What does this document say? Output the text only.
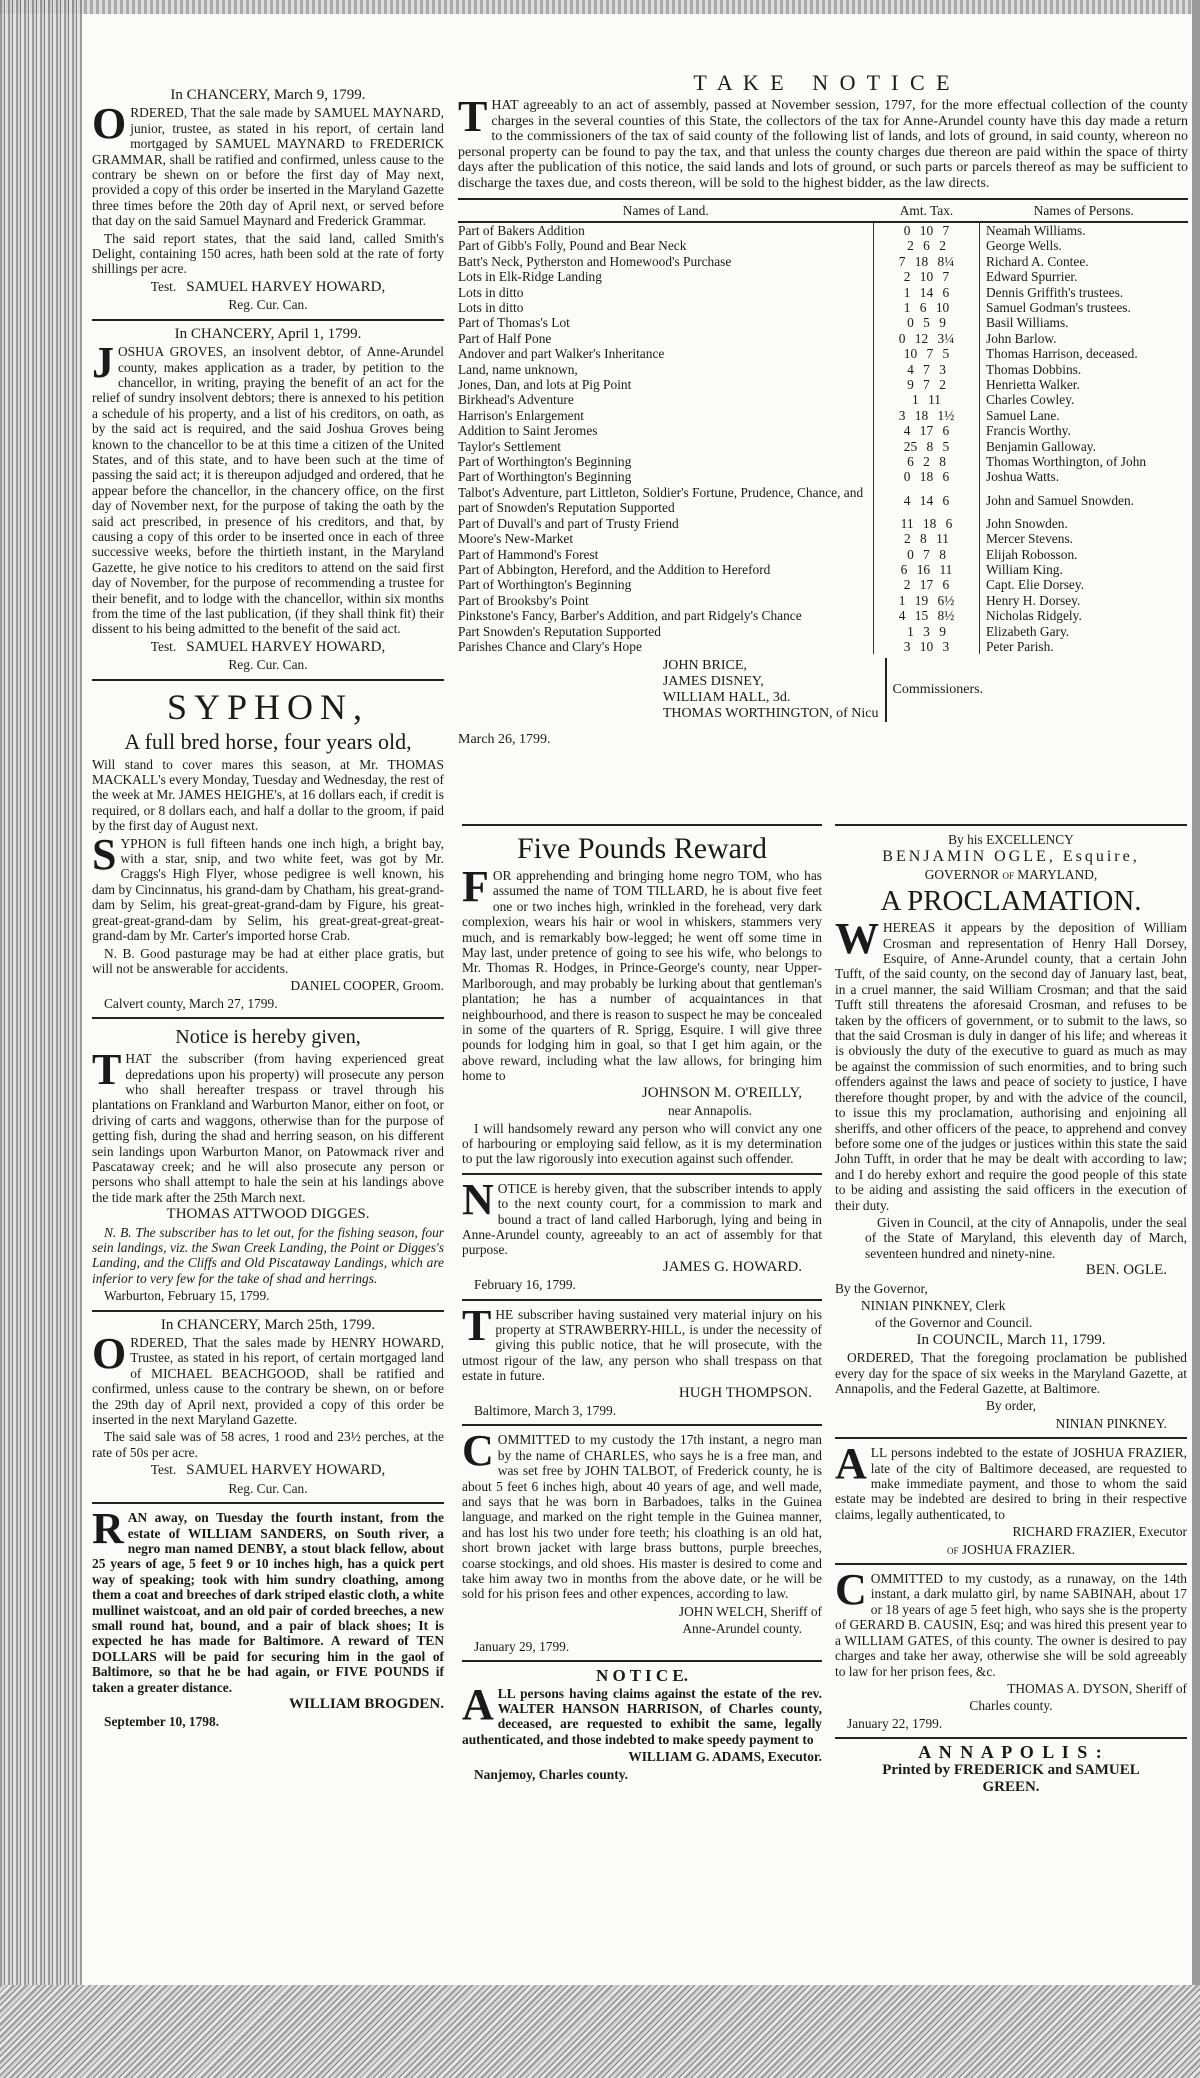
In CHANCERY, March 9, 1799.

ORDERED, That the sale made by SAMUEL MAYNARD, junior, trustee, as stated in his report, of certain land mortgaged by SAMUEL MAYNARD to FREDERICK GRAMMAR, shall be ratified and confirmed, unless cause to the contrary be shewn on or before the first day of May next, provided a copy of this order be inserted in the Maryland Gazette three times before the 20th day of April next, or served before that day on the said Samuel Maynard and Frederick Grammar.

The said report states, that the said land, called Smith's Delight, containing 150 acres, hath been sold at the rate of forty shillings per acre.

Test. SAMUEL HARVEY HOWARD,

Reg. Cur. Can.

In CHANCERY, April 1, 1799.

JOSHUA GROVES, an insolvent debtor, of Anne-Arundel county, makes application as a trader, by petition to the chancellor, in writing, praying the benefit of an act for the relief of sundry insolvent debtors; there is annexed to his petition a schedule of his property, and a list of his creditors, on oath, as by the said act is required, and the said Joshua Groves being known to the chancellor to be at this time a citizen of the United States, and of this state, and to have been such at the time of passing the said act; it is thereupon adjudged and ordered, that he appear before the chancellor, in the chancery office, on the first day of November next, for the purpose of taking the oath by the said act prescribed, in presence of his creditors, and that, by causing a copy of this order to be inserted once in each of three successive weeks, before the thirtieth instant, in the Maryland Gazette, he give notice to his creditors to attend on the said first day of November, for the purpose of recommending a trustee for their benefit, and to lodge with the chancellor, within six months from the time of the last publication, (if they shall think fit) their dissent to his being admitted to the benefit of the said act.

Test. SAMUEL HARVEY HOWARD,

Reg. Cur. Can.

SYPHON,

A full bred horse, four years old,

Will stand to cover mares this season, at Mr. THOMAS MACKALL's every Monday, Tuesday and Wednesday, the rest of the week at Mr. JAMES HEIGHE's, at 16 dollars each, if credit is required, or 8 dollars each, and half a dollar to the groom, if paid by the first day of August next.

SYPHON is full fifteen hands one inch high, a bright bay, with a star, snip, and two white feet, was got by Mr. Craggs's High Flyer, whose pedigree is well known, his dam by Cincinnatus, his grand-dam by Chatham, his great-grand-dam by Selim, his great-great-grand-dam by Figure, his great-great-great-grand-dam by Selim, his great-great-great-great-grand-dam by Mr. Carter's imported horse Crab.

N. B. Good pasturage may be had at either place gratis, but will not be answerable for accidents.

DANIEL COOPER, Groom.

Calvert county, March 27, 1799.

Notice is hereby given,

THAT the subscriber (from having experienced great depredations upon his property) will prosecute any person who shall hereafter trespass or travel through his plantations on Frankland and Warburton Manor, either on foot, or driving of carts and waggons, otherwise than for the purpose of getting fish, during the shad and herring season, on his different sein landings upon Warburton Manor, on Patowmack river and Pascataway creek; and he will also prosecute any person or persons who shall attempt to hale the sein at his landings above the tide mark after the 25th March next.

THOMAS ATTWOOD DIGGES.

N. B. The subscriber has to let out, for the fishing season, four sein landings, viz. the Swan Creek Landing, the Point or Digges's Landing, and the Cliffs and Old Piscataway Landings, which are inferior to very few for the take of shad and herrings.

Warburton, February 15, 1799.

In CHANCERY, March 25th, 1799.

ORDERED, That the sales made by HENRY HOWARD, Trustee, as stated in his report, of certain mortgaged land of MICHAEL BEACHGOOD, shall be ratified and confirmed, unless cause to the contrary be shewn, on or before the 29th day of April next, provided a copy of this order be inserted in the next Maryland Gazette.

The said sale was of 58 acres, 1 rood and 23½ perches, at the rate of 50s per acre.

Test. SAMUEL HARVEY HOWARD,

Reg. Cur. Can.

RAN away, on Tuesday the fourth instant, from the estate of WILLIAM SANDERS, on South river, a negro man named DENBY, a stout black fellow, about 25 years of age, 5 feet 9 or 10 inches high, has a quick pert way of speaking; took with him sundry cloathing, among them a coat and breeches of dark striped elastic cloth, a white mullinet waistcoat, and an old pair of corded breeches, a new small round hat, bound, and a pair of black shoes; It is expected he has made for Baltimore. A reward of TEN DOLLARS will be paid for securing him in the gaol of Baltimore, so that he be had again, or FIVE POUNDS if taken a greater distance.

WILLIAM BROGDEN.

September 10, 1798.

T A K E   N O T I C E

THAT agreeably to an act of assembly, passed at November session, 1797, for the more effectual collection of the county charges in the several counties of this State, the collectors of the tax for Anne-Arundel county have this day made a return to the commissioners of the tax of said county of the following list of lands, and lots of ground, in said county, whereon no personal property can be found to pay the tax, and that unless the county charges due thereon are paid within the space of thirty days after the publication of this notice, the said lands and lots of ground, or such parts or parcels thereof as may be sufficient to discharge the taxes due, and costs thereon, will be sold to the highest bidder, as the law directs.

Names of Land.	Amt. Tax.	Names of Persons.
Part of Bakers Addition	0 10 7	Neamah Williams.
Part of Gibb's Folly, Pound and Bear Neck	2 6 2	George Wells.
Batt's Neck, Pytherston and Homewood's Purchase	7 18 8¼	Richard A. Contee.
Lots in Elk-Ridge Landing	2 10 7	Edward Spurrier.
Lots in ditto	1 14 6	Dennis Griffith's trustees.
Lots in ditto	1 6 10	Samuel Godman's trustees.
Part of Thomas's Lot	0 5 9	Basil Williams.
Part of Half Pone	0 12 3¼	John Barlow.
Andover and part Walker's Inheritance	10 7 5	Thomas Harrison, deceased.
Land, name unknown,	4 7 3	Thomas Dobbins.
Jones, Dan, and lots at Pig Point	9 7 2	Henrietta Walker.
Birkhead's Adventure	1 11	Charles Cowley.
Harrison's Enlargement	3 18 1½	Samuel Lane.
Addition to Saint Jeromes	4 17 6	Francis Worthy.
Taylor's Settlement	25 8 5	Benjamin Galloway.
Part of Worthington's Beginning	6 2 8	Thomas Worthington, of John
Part of Worthington's Beginning	0 18 6	Joshua Watts.
Talbot's Adventure, part Littleton, Soldier's Fortune, Prudence, Chance, and part of Snowden's Reputation Supported	4 14 6	John and Samuel Snowden.
Part of Duvall's and part of Trusty Friend	11 18 6	John Snowden.
Moore's New-Market	2 8 11	Mercer Stevens.
Part of Hammond's Forest	0 7 8	Elijah Robosson.
Part of Abbington, Hereford, and the Addition to Hereford	6 16 11	William King.
Part of Worthington's Beginning	2 17 6	Capt. Elie Dorsey.
Part of Brooksby's Point	1 19 6½	Henry H. Dorsey.
Pinkstone's Fancy, Barber's Addition, and part Ridgely's Chance	4 15 8½	Nicholas Ridgely.
Part Snowden's Reputation Supported	1 3 9	Elizabeth Gary.
Parishes Chance and Clary's Hope	3 10 3	Peter Parish.
JOHN BRICE,
JAMES DISNEY,
WILLIAM HALL, 3d.
THOMAS WORTHINGTON, of Nicu
Commissioners.

March 26, 1799.

Five Pounds Reward

FOR apprehending and bringing home negro TOM, who has assumed the name of TOM TILLARD, he is about five feet one or two inches high, wrinkled in the forehead, very dark complexion, wears his hair or wool in whiskers, stammers very much, and is remarkably bow-legged; he went off some time in May last, under pretence of going to see his wife, who belongs to Mr. Thomas R. Hodges, in Prince-George's county, near Upper-Marlborough, and may probably be lurking about that gentleman's plantation; he has a number of acquaintances in that neighbourhood, and there is reason to suspect he may be concealed in some of the quarters of R. Sprigg, Esquire. I will give three pounds for lodging him in goal, so that I get him again, or the above reward, including what the law allows, for bringing him home to

JOHNSON M. O'REILLY,

near Annapolis.

I will handsomely reward any person who will convict any one of harbouring or employing said fellow, as it is my determination to put the law rigorously into execution against such offender.

NOTICE is hereby given, that the subscriber intends to apply to the next county court, for a commission to mark and bound a tract of land called Harborugh, lying and being in Anne-Arundel county, agreeably to an act of assembly for that purpose.

JAMES G. HOWARD.

February 16, 1799.

THE subscriber having sustained very material injury on his property at STRAWBERRY-HILL, is under the necessity of giving this public notice, that he will prosecute, with the utmost rigour of the law, any person who shall trespass on that estate in future.

HUGH THOMPSON.

Baltimore, March 3, 1799.

COMMITTED to my custody the 17th instant, a negro man by the name of CHARLES, who says he is a free man, and was set free by JOHN TALBOT, of Frederick county, he is about 5 feet 6 inches high, about 40 years of age, and well made, and says that he was born in Barbadoes, talks in the Guinea language, and marked on the right temple in the Guinea manner, and has lost his two under fore teeth; his cloathing is an old hat, short brown jacket with large brass buttons, purple breeches, coarse stockings, and old shoes. His master is desired to come and take him away two in months from the above date, or he will be sold for his prison fees and other expences, according to law.

JOHN WELCH, Sheriff of

Anne-Arundel county.

January 29, 1799.

N O T I C E.

ALL persons having claims against the estate of the rev. WALTER HANSON HARRISON, of Charles county, deceased, are requested to exhibit the same, legally authenticated, and those indebted to make speedy payment to

WILLIAM G. ADAMS, Executor.

Nanjemoy, Charles county.

By his EXCELLENCY

BENJAMIN OGLE, Esquire,

GOVERNOR of MARYLAND,

A PROCLAMATION.

WHEREAS it appears by the deposition of William Crosman and representation of Henry Hall Dorsey, Esquire, of Anne-Arundel county, that a certain John Tufft, of the said county, on the second day of January last, beat, in a cruel manner, the said William Crosman; and that the said Tufft still threatens the aforesaid Crosman, and refuses to be taken by the officers of government, or to submit to the laws, so that the said Crosman is duly in danger of his life; and whereas it is obviously the duty of the executive to guard as much as may be against the commission of such enormities, and to bring such offenders against the laws and peace of society to justice, I have therefore thought proper, by and with the advice of the council, to issue this my proclamation, authorising and enjoining all sheriffs, and other officers of the peace, to apprehend and convey before some one of the judges or justices within this state the said John Tufft, in order that he may be dealt with according to law; and I do hereby exhort and require the good people of this state to be aiding and assisting the said officers in the execution of their duty.

Given in Council, at the city of Annapolis, under the seal of the State of Maryland, this eleventh day of March, seventeen hundred and ninety-nine.

BEN. OGLE.

By the Governor,

NINIAN PINKNEY, Clerk

of the Governor and Council.

In COUNCIL, March 11, 1799.

ORDERED, That the foregoing proclamation be published every day for the space of six weeks in the Maryland Gazette, at Annapolis, and the Federal Gazette, at Baltimore.

By order,

NINIAN PINKNEY.

ALL persons indebted to the estate of JOSHUA FRAZIER, late of the city of Baltimore deceased, are requested to make immediate payment, and those to whom the said estate may be indebted are desired to bring in their respective claims, legally authenticated, to

RICHARD FRAZIER, Executor

of JOSHUA FRAZIER.

COMMITTED to my custody, as a runaway, on the 14th instant, a dark mulatto girl, by name SABINAH, about 17 or 18 years of age 5 feet high, who says she is the property of GERARD B. CAUSIN, Esq; and was hired this present year to a WILLIAM GATES, of this county. The owner is desired to pay charges and take her away, otherwise she will be sold agreeably to law for her prison fees, &c.

THOMAS A. DYSON, Sheriff of

Charles county.

January 22, 1799.

A N N A P O L I S :

Printed by FREDERICK and SAMUEL

GREEN.
